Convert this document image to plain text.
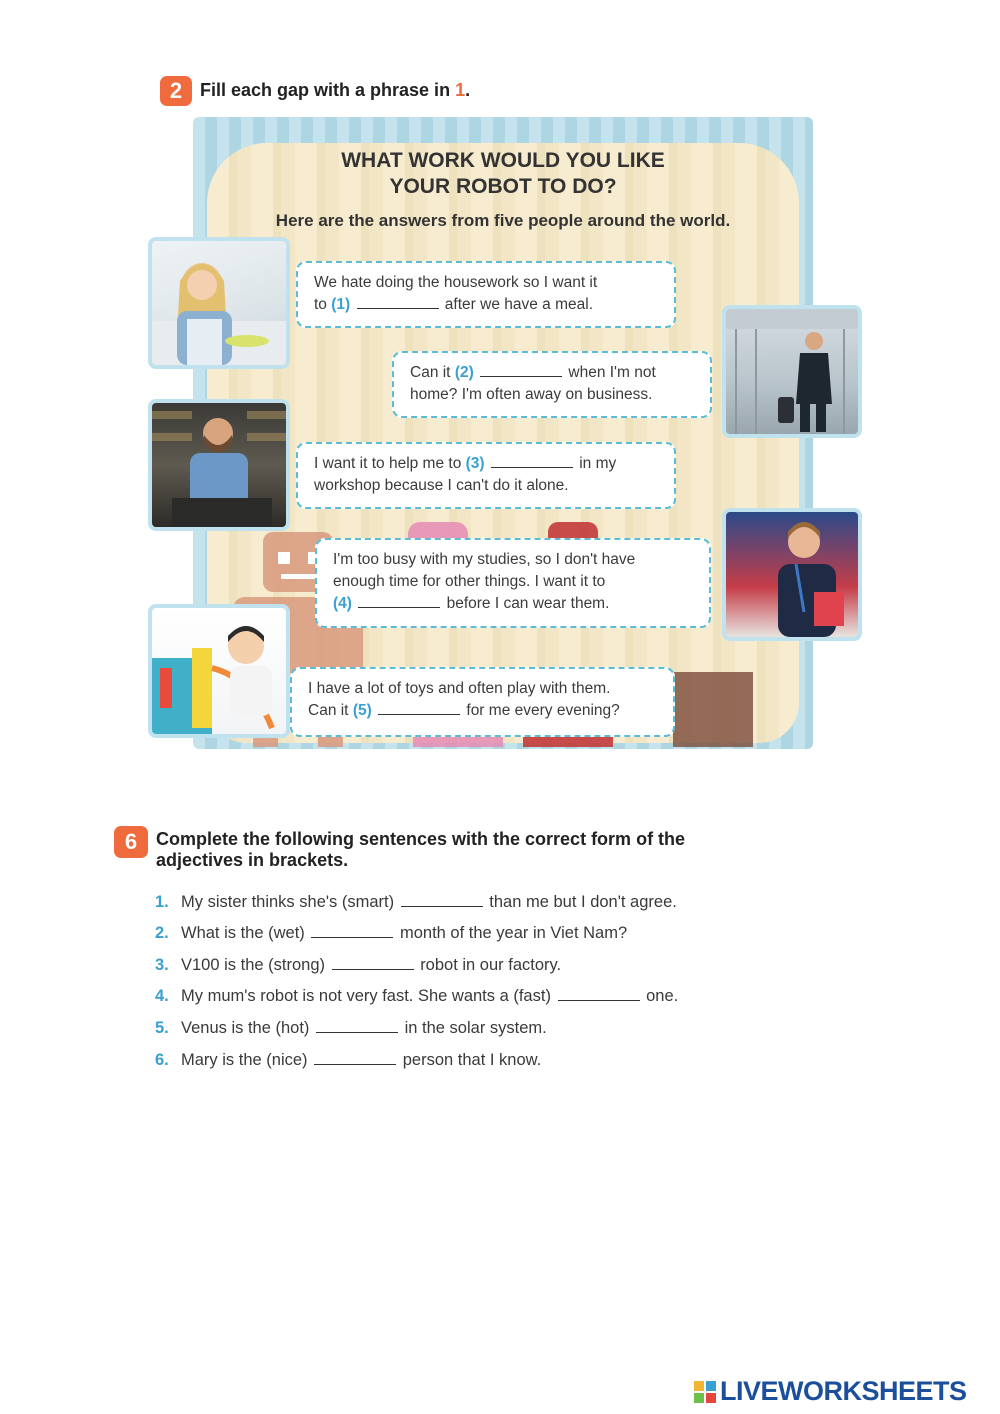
2 Fill each gap with a phrase in 1.
WHAT WORK WOULD YOU LIKE
YOUR ROBOT TO DO?
Here are the answers from five people around the world.
We hate doing the housework so I want it
to (1)	after we have a meal.
Can it (2)	when I'm not
home? I'm often away on business.
I want it to help me to (3)	in my
workshop because I can't do it alone.
I'm too busy with my studies, so I don't have
enough time for other things. I want it to
(4)	before I can wear them.
I have a lot of toys and often play with them.
Can it (5)	for me every evening?
6 Complete the following sentences with the correct form of the
adjectives in brackets.
1. My sister thinks she's (smart)	than me but I don't agree.
2. What is the (wet)	month of the year in Viet Nam?
3. V100 is the (strong)	robot in our factory.
4. My mum's robot is not very fast. She wants a (fast)	one.
5. Venus is the (hot)	in the solar system.
6. Mary is the (nice)	person that I know.
LIVEWORKSHEETS
